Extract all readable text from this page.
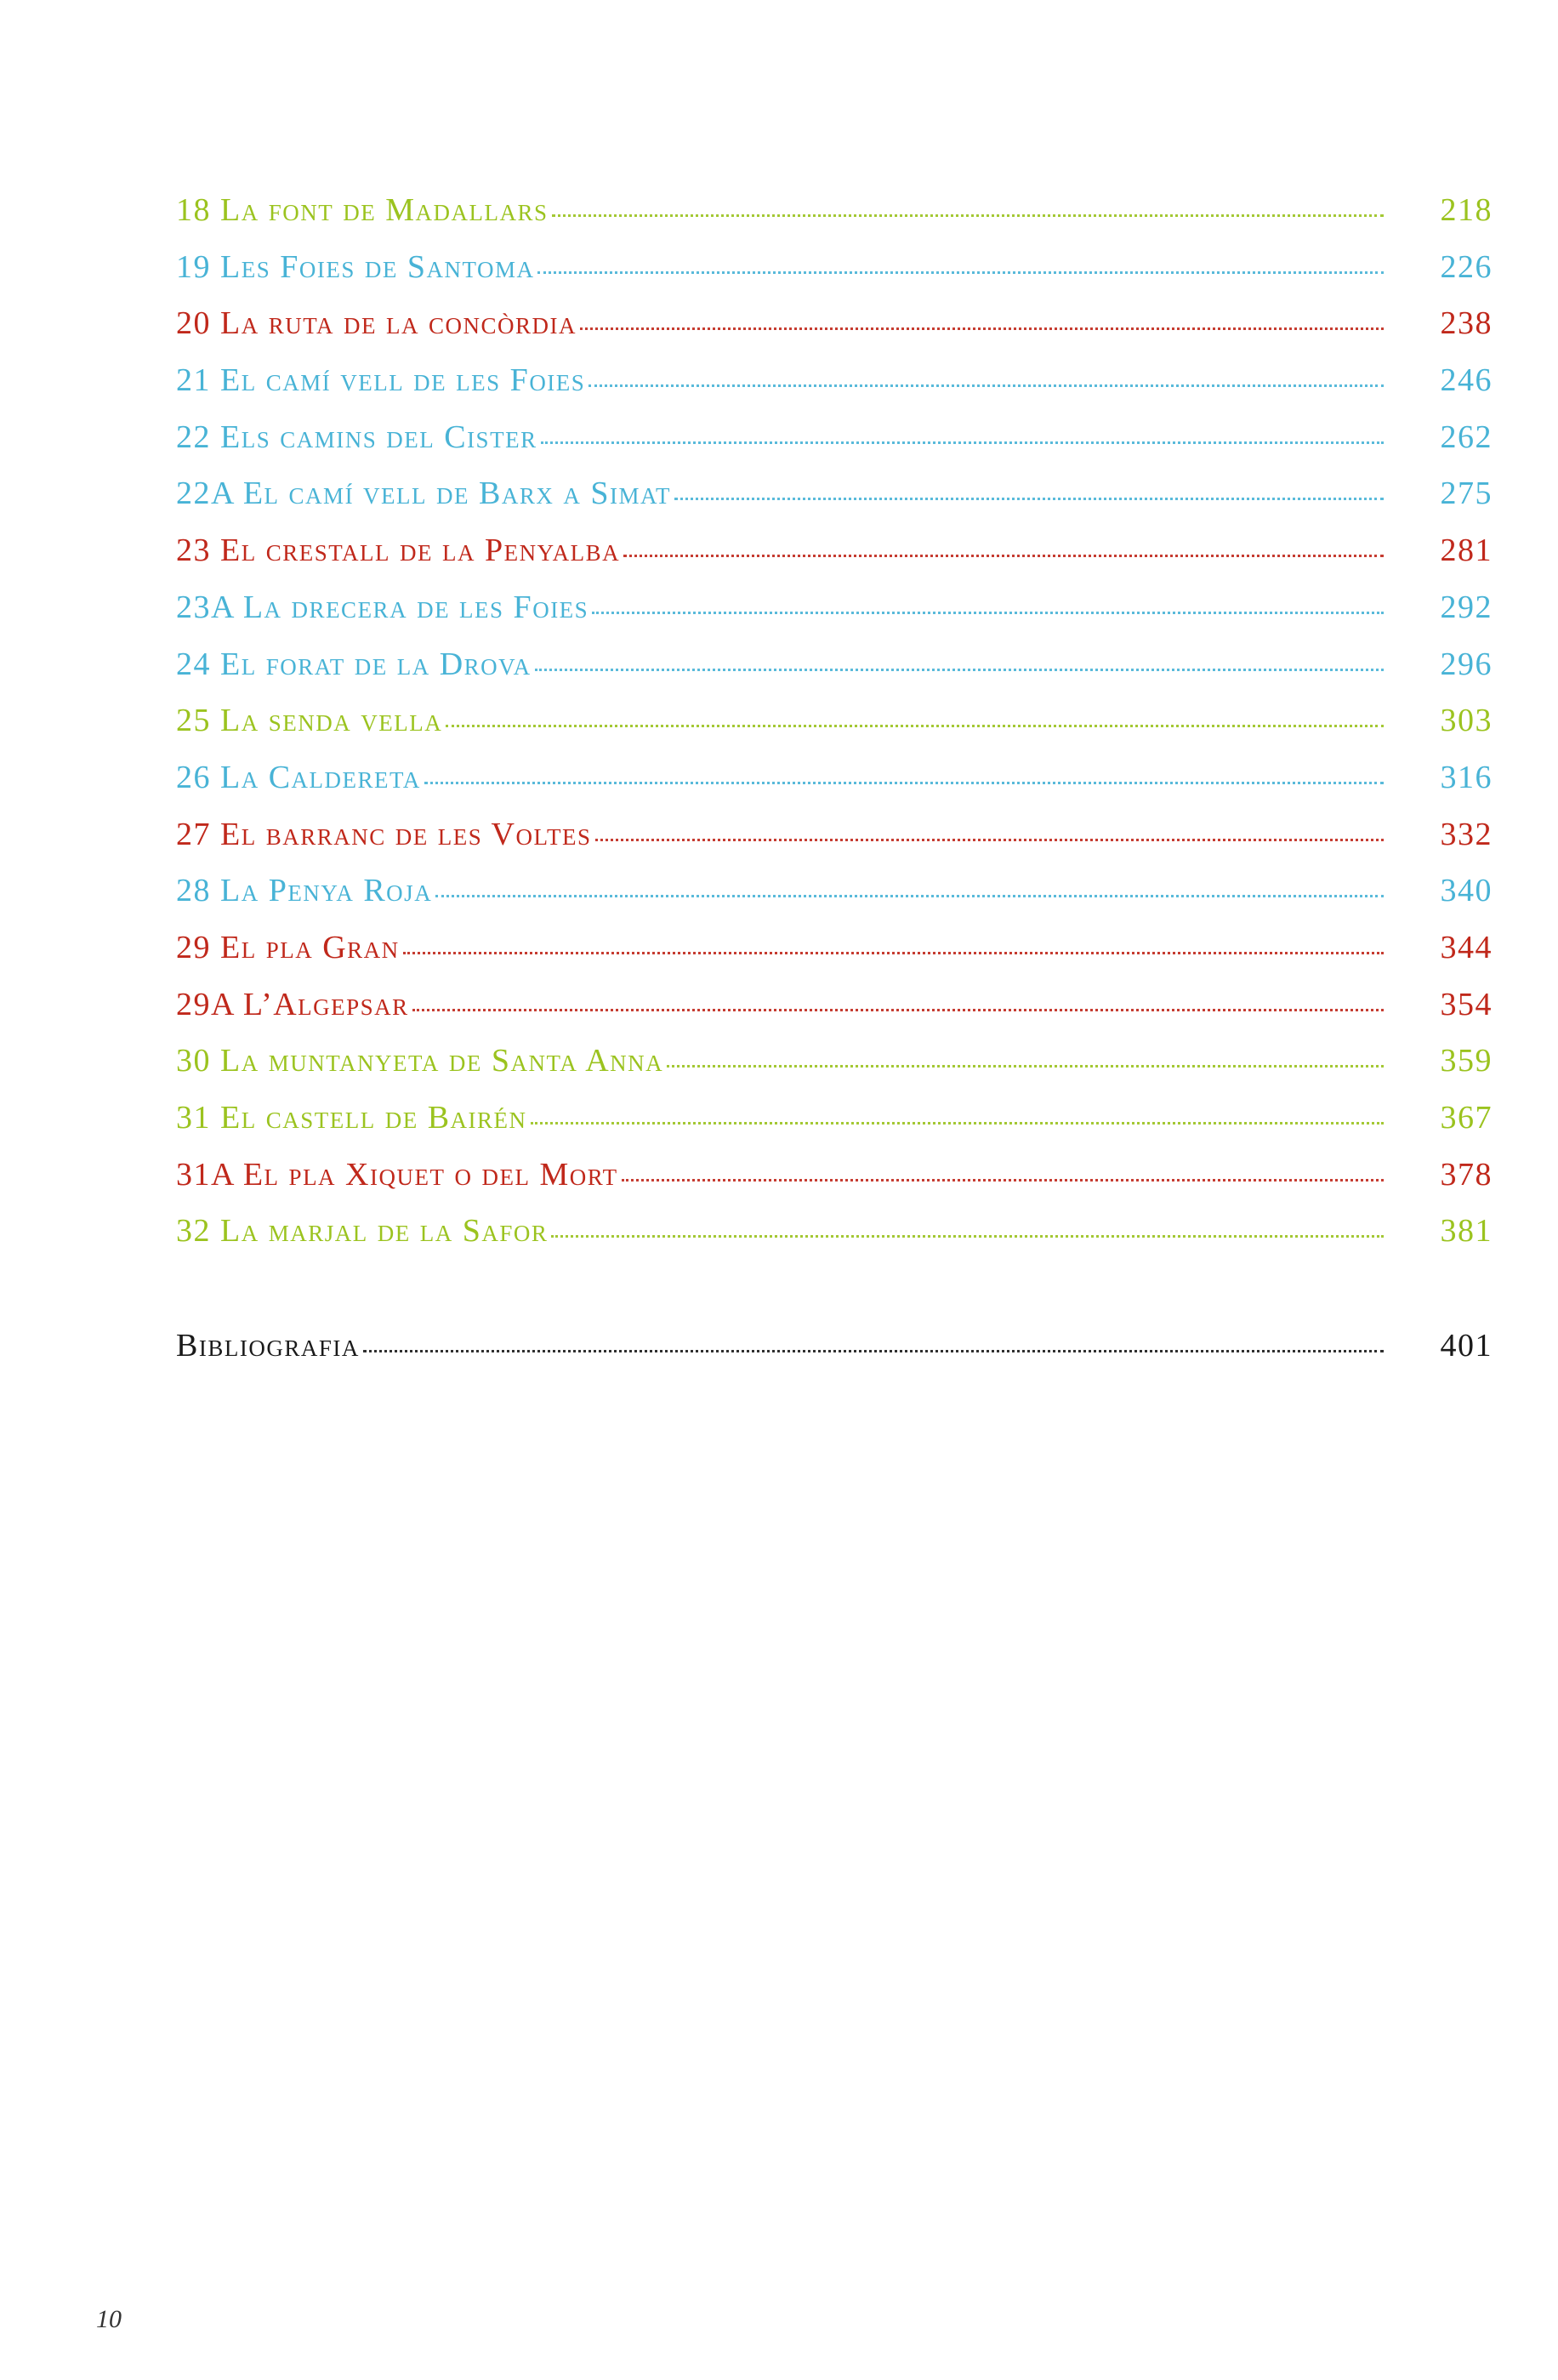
18 La font de Madallars	218
19 Les Foies de Santoma	226
20 La ruta de la concòrdia	238
21 El camí vell de les Foies	246
22 Els camins del Cister	262
22A El camí vell de Barx a Simat	275
23 El crestall de la Penyalba	281
23A La drecera de les Foies	292
24 El forat de la Drova	296
25 La senda vella	303
26 La Caldereta	316
27 El barranc de les Voltes	332
28 La Penya Roja	340
29 El pla Gran	344
29A L’Algepsar	354
30 La muntanyeta de Santa Anna	359
31 El castell de Bairén	367
31A El pla Xiquet o del Mort	378
32 La marjal de la Safor	381
Bibliografia	401
10
